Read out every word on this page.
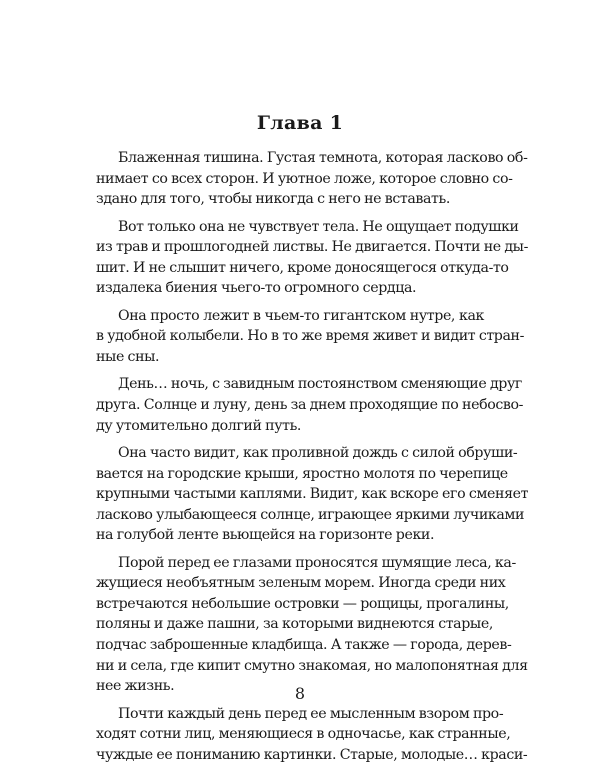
Глава 1
Блаженная тишина. Густая темнота, которая ласково об-
нимает со всех сторон. И уютное ложе, которое словно со-
здано для того, чтобы никогда с него не вставать.
Вот только она не чувствует тела. Не ощущает подушки
из трав и прошлогодней листвы. Не двигается. Почти не ды-
шит. И не слышит ничего, кроме доносящегося откуда-то
издалека биения чьего-то огромного сердца.
Она просто лежит в чьем-то гигантском нутре, как
в удобной колыбели. Но в то же время живет и видит стран-
ные сны.
День… ночь, с завидным постоянством сменяющие друг
друга. Солнце и луну, день за днем проходящие по небосво-
ду утомительно долгий путь.
Она часто видит, как проливной дождь с силой обруши-
вается на городские крыши, яростно молотя по черепице
крупными частыми каплями. Видит, как вскоре его сменяет
ласково улыбающееся солнце, играющее яркими лучиками
на голубой ленте вьющейся на горизонте реки.
Порой перед ее глазами проносятся шумящие леса, ка-
жущиеся необъятным зеленым морем. Иногда среди них
встречаются небольшие островки — рощицы, прогалины,
поляны и даже пашни, за которыми виднеются старые,
подчас заброшенные кладбища. А также — города, дерев-
ни и села, где кипит смутно знакомая, но малопонятная для
нее жизнь.
Почти каждый день перед ее мысленным взором про-
ходят сотни лиц, меняющиеся в одночасье, как странные,
чуждые ее пониманию картинки. Старые, молодые… краси-
8
